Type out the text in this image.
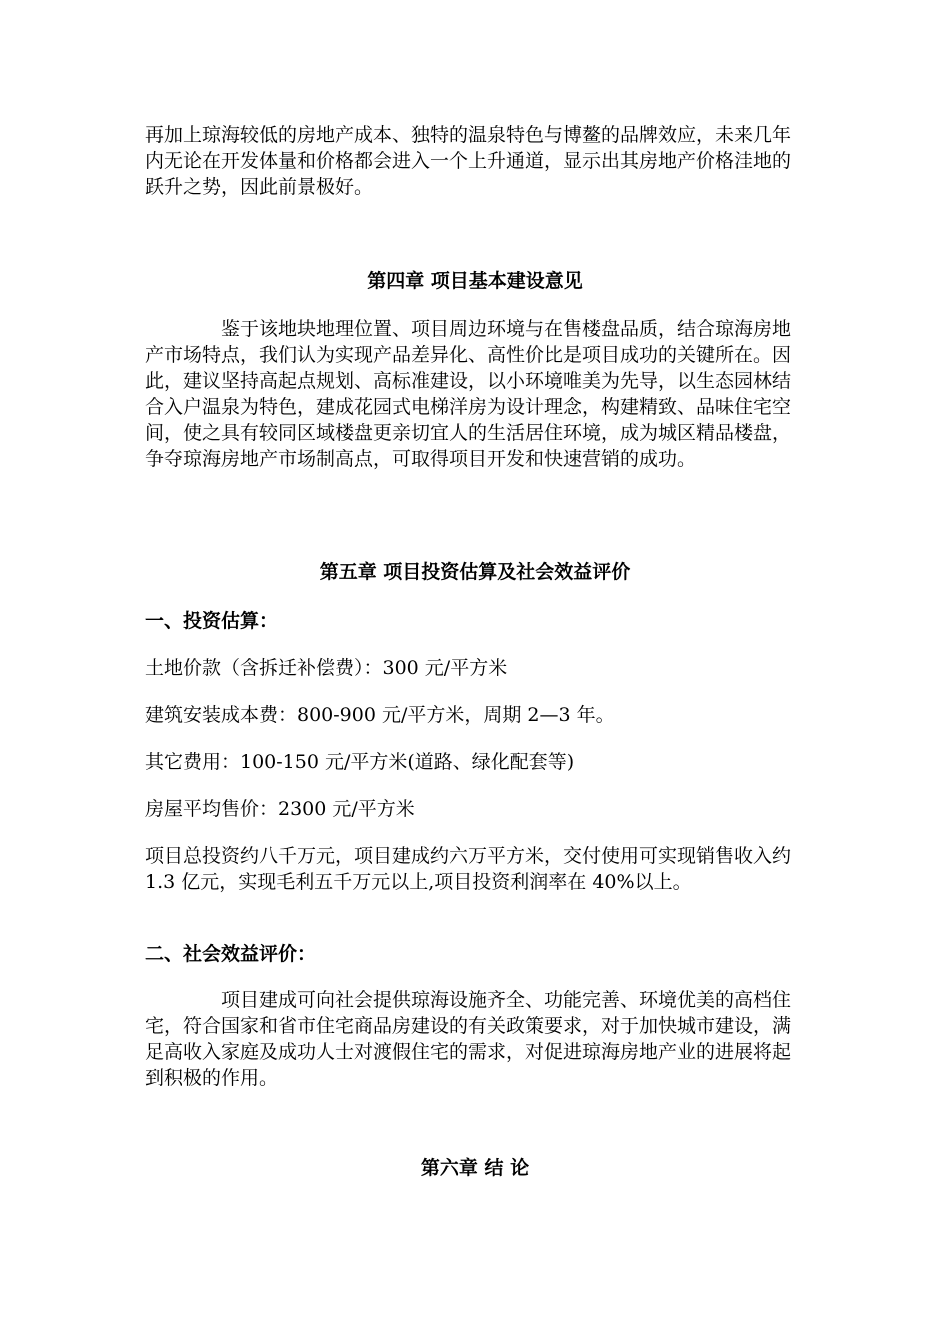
再加上琼海较低的房地产成本、独特的温泉特色与博鳌的品牌效应，未来几年内无论在开发体量和价格都会进入一个上升通道，显示出其房地产价格洼地的跃升之势，因此前景极好。

第四章 项目基本建设意见

鉴于该地块地理位置、项目周边环境与在售楼盘品质，结合琼海房地产市场特点，我们认为实现产品差异化、高性价比是项目成功的关键所在。因此，建议坚持高起点规划、高标准建设，以小环境唯美为先导，以生态园林结合入户温泉为特色，建成花园式电梯洋房为设计理念，构建精致、品味住宅空间，使之具有较同区域楼盘更亲切宜人的生活居住环境，成为城区精品楼盘，争夺琼海房地产市场制高点，可取得项目开发和快速营销的成功。

第五章 项目投资估算及社会效益评价
一、投资估算：

土地价款（含拆迁补偿费）：300 元/平方米

建筑安装成本费：800-900 元/平方米，周期 2—3 年。

其它费用：100-150 元/平方米(道路、绿化配套等)

房屋平均售价：2300 元/平方米

项目总投资约八千万元，项目建成约六万平方米，交付使用可实现销售收入约 1.3 亿元，实现毛利五千万元以上,项目投资利润率在 40%以上。

二、社会效益评价：

项目建成可向社会提供琼海设施齐全、功能完善、环境优美的高档住宅，符合国家和省市住宅商品房建设的有关政策要求，对于加快城市建设，满足高收入家庭及成功人士对渡假住宅的需求，对促进琼海房地产业的进展将起到积极的作用。

第六章 结 论
